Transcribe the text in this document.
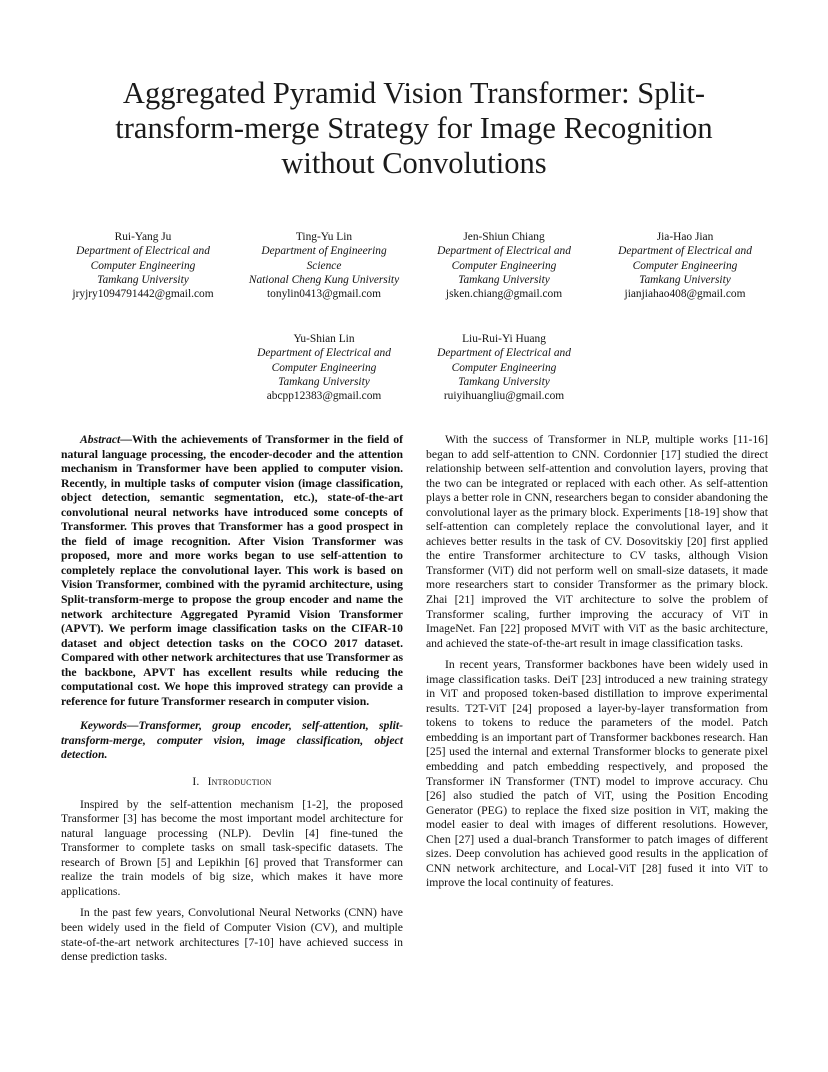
Aggregated Pyramid Vision Transformer: Split-transform-merge Strategy for Image Recognition without Convolutions
Rui-Yang Ju
Department of Electrical and
Computer Engineering
Tamkang University
jryjry1094791442@gmail.com
Ting-Yu Lin
Department of Engineering
Science
National Cheng Kung University
tonylin0413@gmail.com
Jen-Shiun Chiang
Department of Electrical and
Computer Engineering
Tamkang University
jsken.chiang@gmail.com
Jia-Hao Jian
Department of Electrical and
Computer Engineering
Tamkang University
jianjiahao408@gmail.com
Yu-Shian Lin
Department of Electrical and
Computer Engineering
Tamkang University
abcpp12383@gmail.com
Liu-Rui-Yi Huang
Department of Electrical and
Computer Engineering
Tamkang University
ruiyihuangliu@gmail.com

Abstract—With the achievements of Transformer in the field of natural language processing, the encoder-decoder and the attention mechanism in Transformer have been applied to computer vision. Recently, in multiple tasks of computer vision (image classification, object detection, semantic segmentation, etc.), state-of-the-art convolutional neural networks have introduced some concepts of Transformer. This proves that Transformer has a good prospect in the field of image recognition. After Vision Transformer was proposed, more and more works began to use self-attention to completely replace the convolutional layer. This work is based on Vision Transformer, combined with the pyramid architecture, using Split-transform-merge to propose the group encoder and name the network architecture Aggregated Pyramid Vision Transformer (APVT). We perform image classification tasks on the CIFAR-10 dataset and object detection tasks on the COCO 2017 dataset. Compared with other network architectures that use Transformer as the backbone, APVT has excellent results while reducing the computational cost. We hope this improved strategy can provide a reference for future Transformer research in computer vision.

Keywords—Transformer, group encoder, self-attention, split-transform-merge, computer vision, image classification, object detection.

I. Introduction

Inspired by the self-attention mechanism [1-2], the proposed Transformer [3] has become the most important model architecture for natural language processing (NLP). Devlin [4] fine-tuned the Transformer to complete tasks on small task-specific datasets. The research of Brown [5] and Lepikhin [6] proved that Transformer can realize the train models of big size, which makes it have more applications.

In the past few years, Convolutional Neural Networks (CNN) have been widely used in the field of Computer Vision (CV), and multiple state-of-the-art network architectures [7-10] have achieved success in dense prediction tasks.

With the success of Transformer in NLP, multiple works [11-16] began to add self-attention to CNN. Cordonnier [17] studied the direct relationship between self-attention and convolution layers, proving that the two can be integrated or replaced with each other. As self-attention plays a better role in CNN, researchers began to consider abandoning the convolutional layer as the primary block. Experiments [18-19] show that self-attention can completely replace the convolutional layer, and it achieves better results in the task of CV. Dosovitskiy [20] first applied the entire Transformer architecture to CV tasks, although Vision Transformer (ViT) did not perform well on small-size datasets, it made more researchers start to consider Transformer as the primary block. Zhai [21] improved the ViT architecture to solve the problem of Transformer scaling, further improving the accuracy of ViT in ImageNet. Fan [22] proposed MViT with ViT as the basic architecture, and achieved the state-of-the-art result in image classification tasks.

In recent years, Transformer backbones have been widely used in image classification tasks. DeiT [23] introduced a new training strategy in ViT and proposed token-based distillation to improve experimental results. T2T-ViT [24] proposed a layer-by-layer transformation from tokens to tokens to reduce the parameters of the model. Patch embedding is an important part of Transformer backbones research. Han [25] used the internal and external Transformer blocks to generate pixel embedding and patch embedding respectively, and proposed the Transformer iN Transformer (TNT) model to improve accuracy. Chu [26] also studied the patch of ViT, using the Position Encoding Generator (PEG) to replace the fixed size position in ViT, making the model easier to deal with images of different resolutions. However, Chen [27] used a dual-branch Transformer to patch images of different sizes. Deep convolution has achieved good results in the application of CNN network architecture, and Local-ViT [28] fused it into ViT to improve the local continuity of features.
